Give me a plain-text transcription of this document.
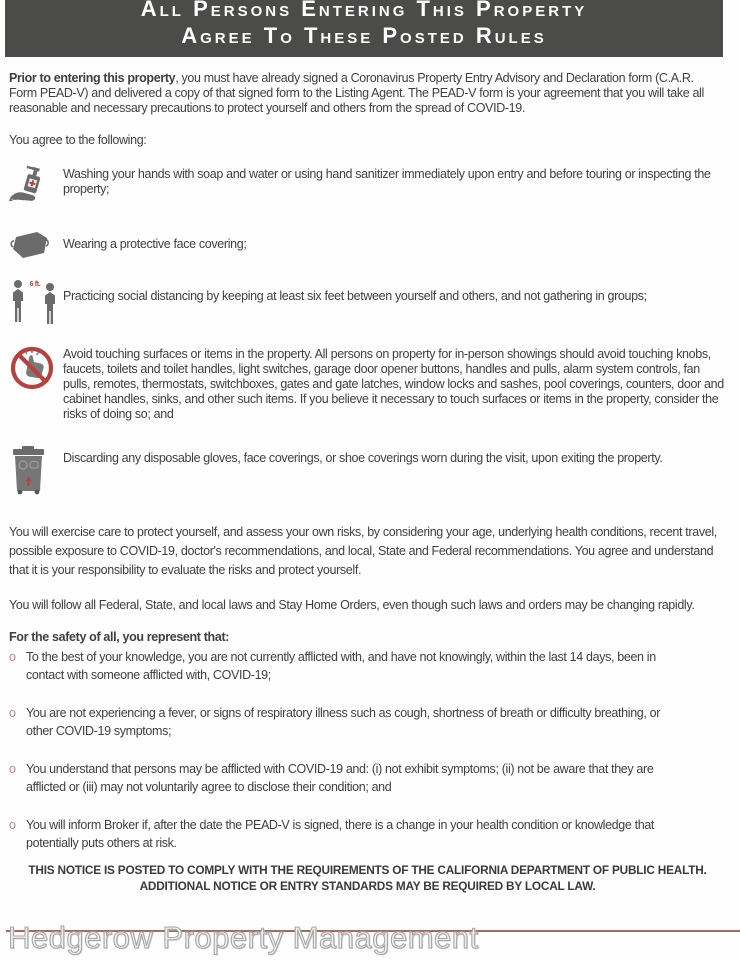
All Persons Entering This Property
Agree To These Posted Rules

Prior to entering this property, you must have already signed a Coronavirus Property Entry Advisory and Declaration form (C.A.R. Form PEAD-V) and delivered a copy of that signed form to the Listing Agent. The PEAD-V form is your agreement that you will take all reasonable and necessary precautions to protect yourself and others from the spread of COVID-19.

You agree to the following:

Washing your hands with soap and water or using hand sanitizer immediately upon entry and before touring or inspecting the property;
Wearing a protective face covering;
6 ft.
Practicing social distancing by keeping at least six feet between yourself and others, and not gathering in groups;
Avoid touching surfaces or items in the property. All persons on property for in-person showings should avoid touching knobs, faucets, toilets and toilet handles, light switches, garage door opener buttons, handles and pulls, alarm system controls, fan pulls, remotes, thermostats, switchboxes, gates and gate latches, window locks and sashes, pool coverings, counters, door and cabinet handles, sinks, and other such items. If you believe it necessary to touch surfaces or items in the property, consider the risks of doing so; and
Discarding any disposable gloves, face coverings, or shoe coverings worn during the visit, upon exiting the property.

You will exercise care to protect yourself, and assess your own risks, by considering your age, underlying health conditions, recent travel, possible exposure to COVID-19, doctor's recommendations, and local, State and Federal recommendations. You agree and understand that it is your responsibility to evaluate the risks and protect yourself.

You will follow all Federal, State, and local laws and Stay Home Orders, even though such laws and orders may be changing rapidly.

For the safety of all, you represent that:

o To the best of your knowledge, you are not currently afflicted with, and have not knowingly, within the last 14 days, been in contact with someone afflicted with, COVID-19;
o You are not experiencing a fever, or signs of respiratory illness such as cough, shortness of breath or difficulty breathing, or other COVID-19 symptoms;
o You understand that persons may be afflicted with COVID-19 and: (i) not exhibit symptoms; (ii) not be aware that they are afflicted or (iii) may not voluntarily agree to disclose their condition; and
o You will inform Broker if, after the date the PEAD-V is signed, there is a change in your health condition or knowledge that potentially puts others at risk.
THIS NOTICE IS POSTED TO COMPLY WITH THE REQUIREMENTS OF THE CALIFORNIA DEPARTMENT OF PUBLIC HEALTH. ADDITIONAL NOTICE OR ENTRY STANDARDS MAY BE REQUIRED BY LOCAL LAW.
Hedgerow Property Management
